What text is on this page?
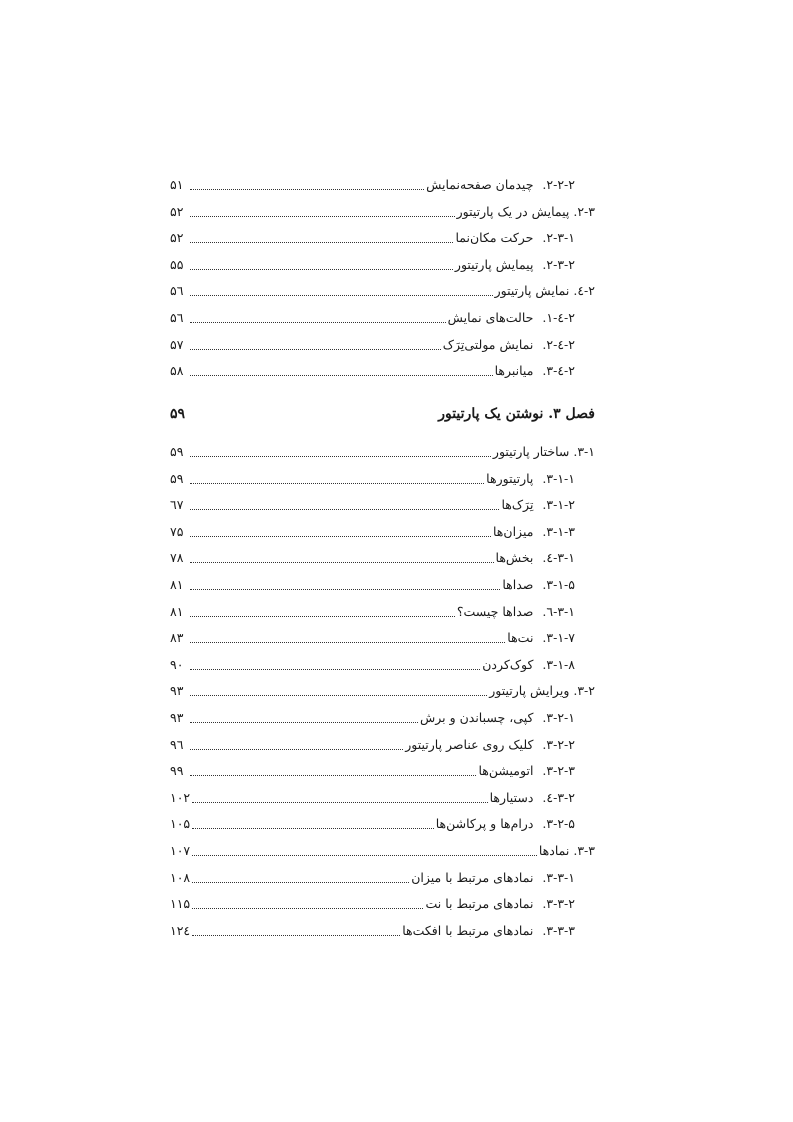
۲-۲-۲.
چیدمان صفحه‌نمایش
۵۱
۲-۳.
پیمایش در یک پارتیتور
۵۲
۲-۳-۱.
حرکت مکان‌نما
۵۲
۲-۳-۲.
پیمایش پارتیتور
۵۵
۲-٤.
نمایش پارتیتور
۵٦
۲-٤-۱.
حالت‌های نمایش
۵٦
۲-٤-۲.
نمایش مولتی‌تِرَک
۵۷
۲-٤-۳.
میانبرها
۵۸
فصل ۳. نوشتن یک پارتیتور
۵۹
۳-۱.
ساختار پارتیتور
۵۹
۳-۱-۱.
پارتیتورها
۵۹
۳-۱-۲.
تِرَک‌ها
٦۷
۳-۱-۳.
میزان‌ها
۷۵
۳-۱-٤.
بخش‌ها
۷۸
۳-۱-۵.
صداها
۸۱
۳-۱-٦.
صداها چیست؟
۸۱
۳-۱-۷.
نت‌ها
۸۳
۳-۱-۸.
کوک‌کردن
۹۰
۳-۲.
ویرایش پارتیتور
۹۳
۳-۲-۱.
کپی، چسباندن و برش
۹۳
۳-۲-۲.
کلیک روی عناصر پارتیتور
۹٦
۳-۲-۳.
اتومیشن‌ها
۹۹
۳-۲-٤.
دستیارها
۱۰۲
۳-۲-۵.
درام‌ها و پرکاشن‌ها
۱۰۵
۳-۳.
نمادها
۱۰۷
۳-۳-۱.
نمادهای مرتبط با میزان
۱۰۸
۳-۳-۲.
نمادهای مرتبط با نت
۱۱۵
۳-۳-۳.
نمادهای مرتبط با افکت‌ها
۱۲٤
